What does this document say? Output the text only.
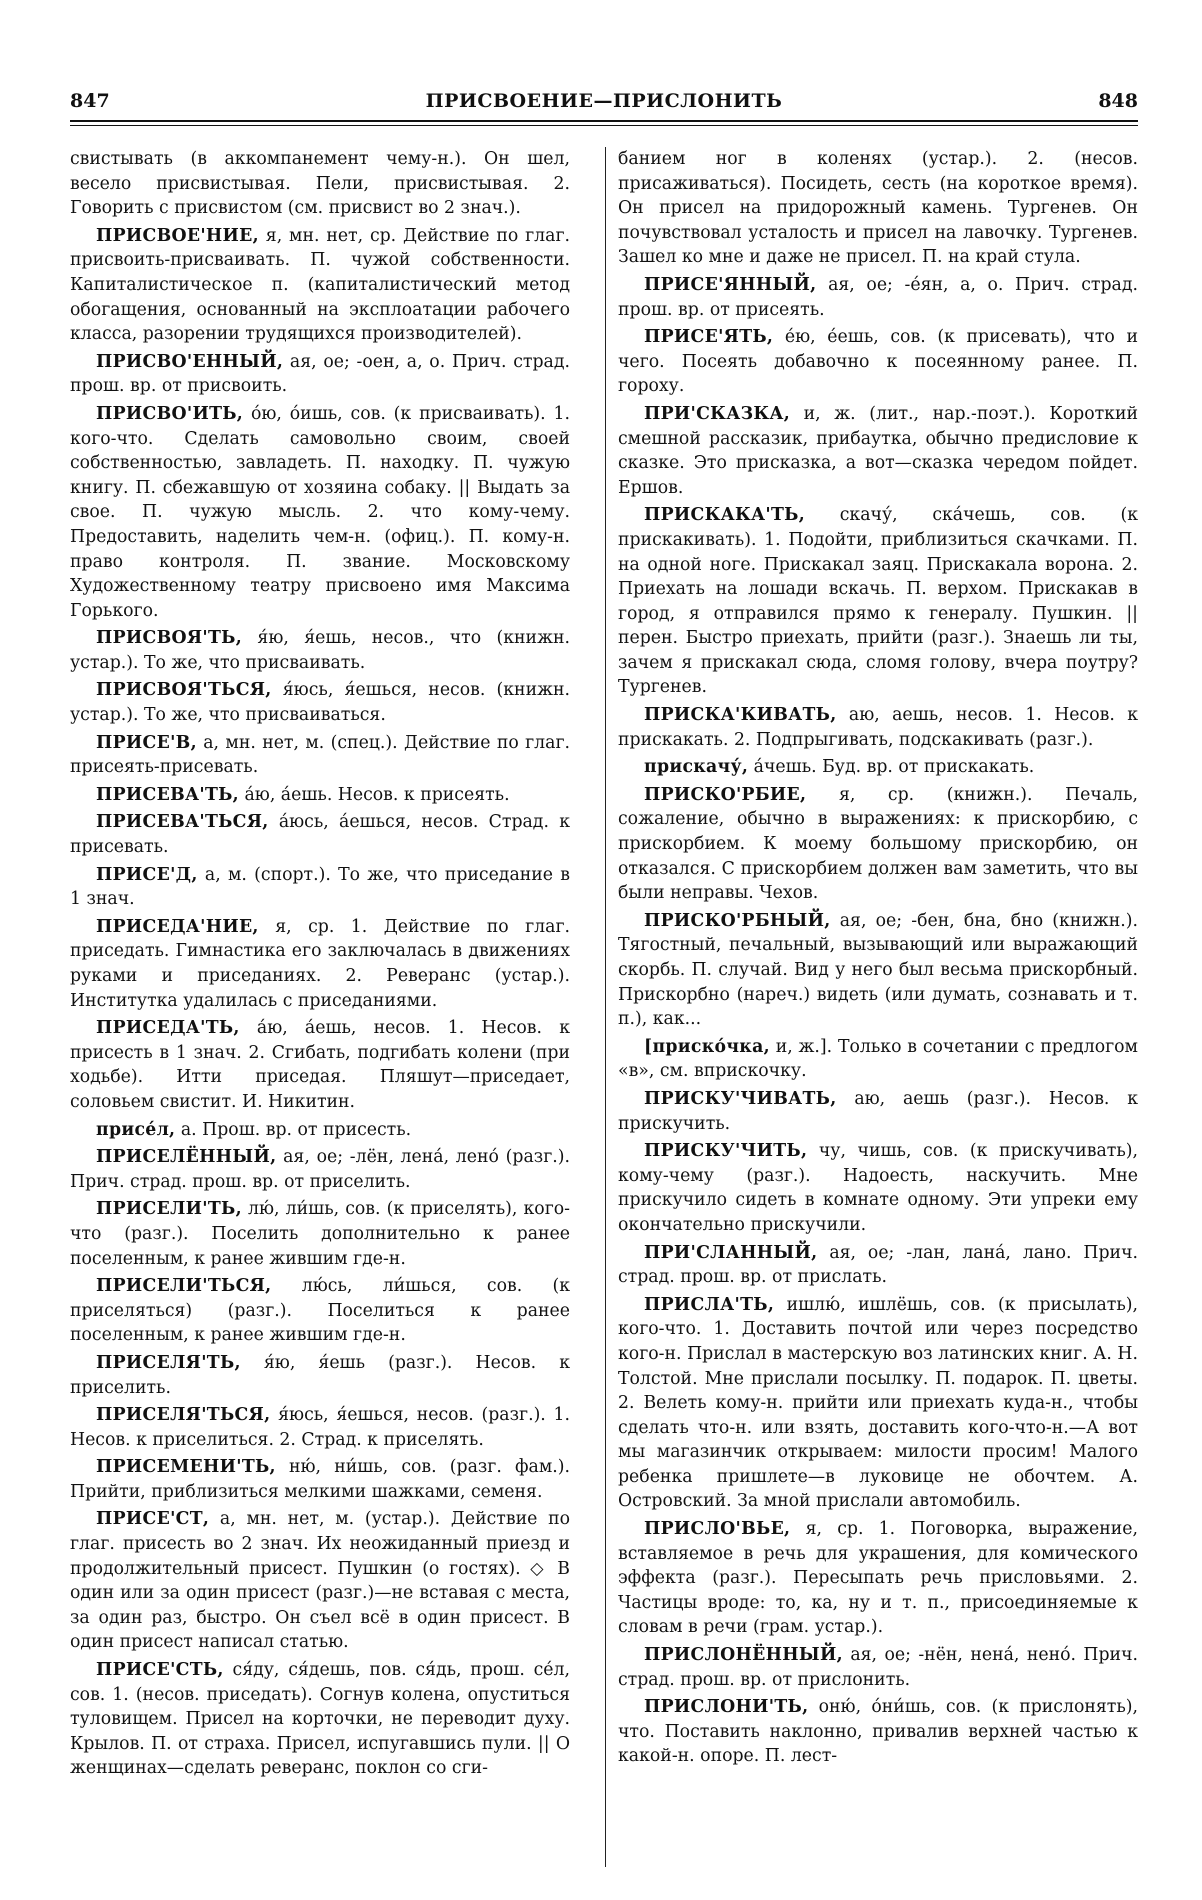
847	ПРИСВОЕНИЕ—ПРИСЛОНИТЬ	848

свистывать (в аккомпанемент чему-н.). Он шел, весело присвистывая. Пели, присвистывая. 2. Говорить с присвистом (см. присвист во 2 знач.).

ПРИСВОЕ'НИЕ, я, мн. нет, ср. Действие по глаг. присвоить-присваивать. П. чужой собственности. Капиталистическое п. (капиталистический метод обогащения, основанный на эксплоатации рабочего класса, разорении трудящихся производителей).

ПРИСВО'ЕННЫЙ, ая, ое; -оен, а, о. Прич. страд. прош. вр. от присвоить.

ПРИСВО'ИТЬ, о́ю, о́ишь, сов. (к присваивать). 1. кого-что. Сделать самовольно своим, своей собственностью, завладеть. П. находку. П. чужую книгу. П. сбежавшую от хозяина собаку. || Выдать за свое. П. чужую мысль. 2. что кому-чему. Предоставить, наделить чем-н. (офиц.). П. кому-н. право контроля. П. звание. Московскому Художественному театру присвоено имя Максима Горького.

ПРИСВОЯ'ТЬ, я́ю, я́ешь, несов., что (книжн. устар.). То же, что присваивать.

ПРИСВОЯ'ТЬСЯ, я́юсь, я́ешься, несов. (книжн. устар.). То же, что присваиваться.

ПРИСЕ'В, а, мн. нет, м. (спец.). Действие по глаг. присеять-присевать.

ПРИСЕВА'ТЬ, а́ю, а́ешь. Несов. к присеять.

ПРИСЕВА'ТЬСЯ, а́юсь, а́ешься, несов. Страд. к присевать.

ПРИСЕ'Д, а, м. (спорт.). То же, что приседание в 1 знач.

ПРИСЕДА'НИЕ, я, ср. 1. Действие по глаг. приседать. Гимнастика его заключалась в движениях руками и приседаниях. 2. Реверанс (устар.). Институтка удалилась с приседаниями.

ПРИСЕДА'ТЬ, а́ю, а́ешь, несов. 1. Несов. к присесть в 1 знач. 2. Сгибать, подгибать колени (при ходьбе). Итти приседая. Пляшут—приседает, соловьем свистит. И. Никитин.

присе́л, а. Прош. вр. от присесть.

ПРИСЕЛЁННЫЙ, ая, ое; -лён, лена́, лено́ (разг.). Прич. страд. прош. вр. от приселить.

ПРИСЕЛИ'ТЬ, лю́, ли́шь, сов. (к приселять), кого-что (разг.). Поселить дополнительно к ранее поселенным, к ранее жившим где-н.

ПРИСЕЛИ'ТЬСЯ, лю́сь, ли́шься, сов. (к приселяться) (разг.). Поселиться к ранее поселенным, к ранее жившим где-н.

ПРИСЕЛЯ'ТЬ, я́ю, я́ешь (разг.). Несов. к приселить.

ПРИСЕЛЯ'ТЬСЯ, я́юсь, я́ешься, несов. (разг.). 1. Несов. к приселиться. 2. Страд. к приселять.

ПРИСЕМЕНИ'ТЬ, ню́, ни́шь, сов. (разг. фам.). Прийти, приблизиться мелкими шажками, семеня.

ПРИСЕ'СТ, а, мн. нет, м. (устар.). Действие по глаг. присесть во 2 знач. Их неожиданный приезд и продолжительный присест. Пушкин (о гостях). ◇ В один или за один присест (разг.)—не вставая с места, за один раз, быстро. Он съел всё в один присест. В один присест написал статью.

ПРИСЕ'СТЬ, ся́ду, ся́дешь, пов. ся́дь, прош. се́л, сов. 1. (несов. приседать). Согнув колена, опуститься туловищем. Присел на корточки, не переводит духу. Крылов. П. от страха. Присел, испугавшись пули. || О женщинах—сделать реверанс, поклон со сги-

банием ног в коленях (устар.). 2. (несов. присаживаться). Посидеть, сесть (на короткое время). Он присел на придорожный камень. Тургенев. Он почувствовал усталость и присел на лавочку. Тургенев. Зашел ко мне и даже не присел. П. на край стула.

ПРИСЕ'ЯННЫЙ, ая, ое; -е́ян, а, о. Прич. страд. прош. вр. от присеять.

ПРИСЕ'ЯТЬ, е́ю, е́ешь, сов. (к присевать), что и чего. Посеять добавочно к посеянному ранее. П. гороху.

ПРИ'СКАЗКА, и, ж. (лит., нар.-поэт.). Короткий смешной рассказик, прибаутка, обычно предисловие к сказке. Это присказка, а вот—сказка чередом пойдет. Ершов.

ПРИСКАКА'ТЬ, скачу́, ска́чешь, сов. (к прискакивать). 1. Подойти, приблизиться скачками. П. на одной ноге. Прискакал заяц. Прискакала ворона. 2. Приехать на лошади вскачь. П. верхом. Прискакав в город, я отправился прямо к генералу. Пушкин. || перен. Быстро приехать, прийти (разг.). Знаешь ли ты, зачем я прискакал сюда, сломя голову, вчера поутру? Тургенев.

ПРИСКА'КИВАТЬ, аю, аешь, несов. 1. Несов. к прискакать. 2. Подпрыгивать, подскакивать (разг.).

прискачу́, а́чешь. Буд. вр. от прискакать.

ПРИСКО'РБИЕ, я, ср. (книжн.). Печаль, сожаление, обычно в выражениях: к прискорбию, с прискорбием. К моему большому прискорбию, он отказался. С прискорбием должен вам заметить, что вы были неправы. Чехов.

ПРИСКО'РБНЫЙ, ая, ое; -бен, бна, бно (книжн.). Тягостный, печальный, вызывающий или выражающий скорбь. П. случай. Вид у него был весьма прискорбный. Прискорбно (нареч.) видеть (или думать, сознавать и т. п.), как...

[приско́чка, и, ж.]. Только в сочетании с предлогом «в», см. вприскочку.

ПРИСКУ'ЧИВАТЬ, аю, аешь (разг.). Несов. к прискучить.

ПРИСКУ'ЧИТЬ, чу, чишь, сов. (к прискучивать), кому-чему (разг.). Надоесть, наскучить. Мне прискучило сидеть в комнате одному. Эти упреки ему окончательно прискучили.

ПРИ'СЛАННЫЙ, ая, ое; -лан, лана́, лано. Прич. страд. прош. вр. от прислать.

ПРИСЛА'ТЬ, ишлю́, ишлёшь, сов. (к присылать), кого-что. 1. Доставить почтой или через посредство кого-н. Прислал в мастерскую воз латинских книг. А. Н. Толстой. Мне прислали посылку. П. подарок. П. цветы. 2. Велеть кому-н. прийти или приехать куда-н., чтобы сделать что-н. или взять, доставить кого-что-н.—А вот мы магазинчик открываем: милости просим! Малого ребенка пришлете—в луковице не обочтем. А. Островский. За мной прислали автомобиль.

ПРИСЛО'ВЬЕ, я, ср. 1. Поговорка, выражение, вставляемое в речь для украшения, для комического эффекта (разг.). Пересыпать речь присловьями. 2. Частицы вроде: то, ка, ну и т. п., присоединяемые к словам в речи (грам. устар.).

ПРИСЛОНЁННЫЙ, ая, ое; -нён, нена́, нено́. Прич. страд. прош. вр. от прислонить.

ПРИСЛОНИ'ТЬ, оню́, о́ни́шь, сов. (к прислонять), что. Поставить наклонно, привалив верхней частью к какой-н. опоре. П. лест-
